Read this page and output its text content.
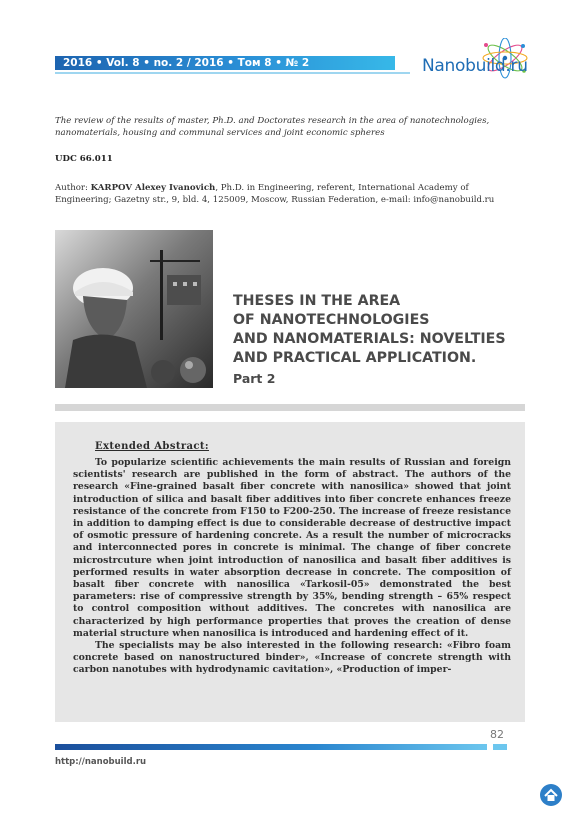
2016 • Vol. 8 • no. 2 / 2016 • Том 8 • № 2	Nanobuild.ru
The review of the results of master, Ph.D. and Doctorates research in the area of nanotechnologies, nanomaterials, housing and communal services and joint economic spheres
UDC 66.011
Author: KARPOV Alexey Ivanovich, Ph.D. in Engineering, referent, International Academy of Engineering; Gazetny str., 9, bld. 4, 125009, Moscow, Russian Federation, e-mail: info@nanobuild.ru
THESES IN THE AREA
OF NANOTECHNOLOGIES
AND NANOMATERIALS: NOVELTIES
AND PRACTICAL APPLICATION.
Part 2
Extended Abstract:

To popularize scientific achievements the main results of Russian and foreign scientists' research are published in the form of abstract. The authors of the research «Fine-grained basalt fiber concrete with nanosilica» showed that joint introduction of silica and basalt fiber additives into fiber concrete enhances freeze resistance of the concrete from F150 to F200-250. The increase of freeze resistance in addition to damping effect is due to considerable decrease of destructive impact of osmotic pressure of hardening concrete. As a result the number of microcracks and interconnected pores in concrete is minimal. The change of fiber concrete microstrcuture when joint introduction of nanosilica and basalt fiber additives is performed results in water absorption decrease in concrete. The composition of basalt fiber concrete with nanosilica «Tarkosil-05» demonstrated the best parameters: rise of compressive strength by 35%, bending strength – 65% respect to control composition without additives. The concretes with nanosilica are characterized by high performance properties that proves the creation of dense material structure when nanosilica is introduced and hardening effect of it.

The specialists may be also interested in the following research: «Fibro foam concrete based on nanostructured binder», «Increase of concrete strength with carbon nanotubes with hydrodynamic cavitation», «Production of imper-

82
http://nanobuild.ru
